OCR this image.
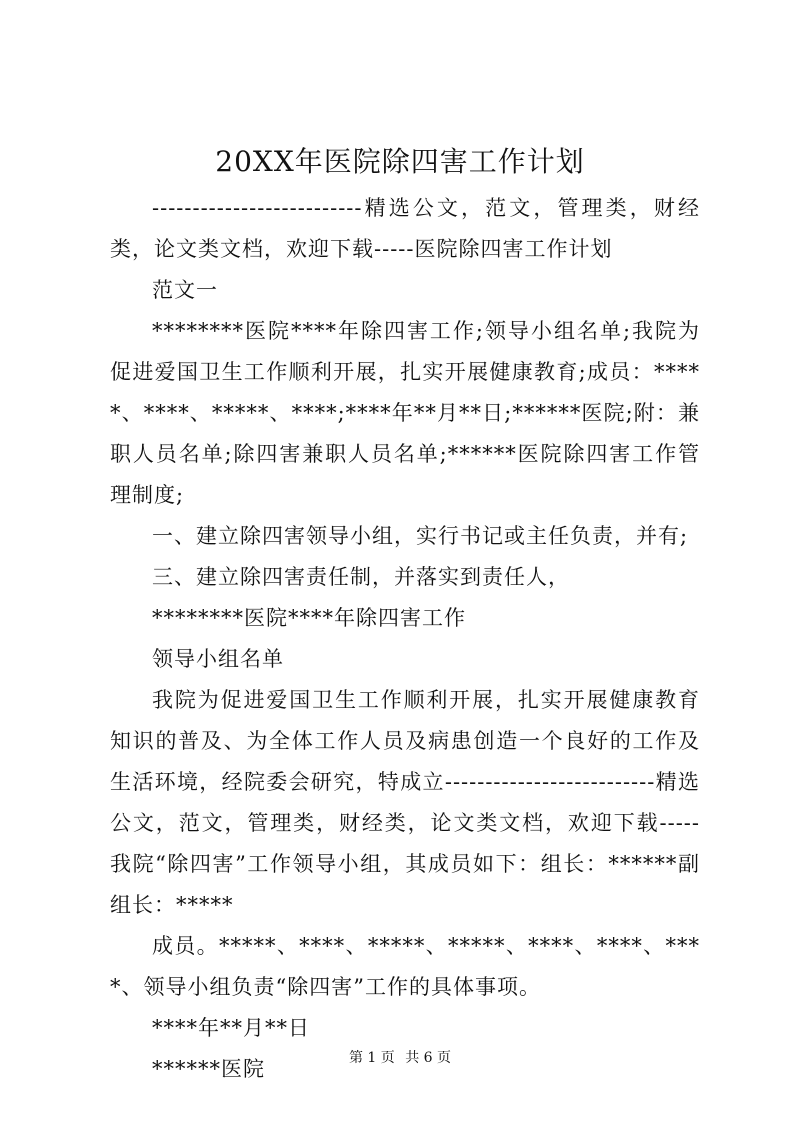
20XX年医院除四害工作计划

--------------------------精选公文，范文，管理类，财经类，论文类文档，欢迎下载-----医院除四害工作计划

范文一

********医院****年除四害工作;领导小组名单;我院为促进爱国卫生工作顺利开展，扎实开展健康教育;成员：*****、****、*****、****;****年**月**日;******医院;附：兼职人员名单;除四害兼职人员名单;******医院除四害工作管理制度;

一、建立除四害领导小组，实行书记或主任负责，并有;

三、建立除四害责任制，并落实到责任人，

********医院****年除四害工作

领导小组名单

我院为促进爱国卫生工作顺利开展，扎实开展健康教育知识的普及、为全体工作人员及病患创造一个良好的工作及生活环境，经院委会研究，特成立--------------------------精选公文，范文，管理类，财经类，论文类文档，欢迎下载-----我院“除四害”工作领导小组，其成员如下：组长：******副组长：*****

成员。*****、****、*****、*****、****、****、****、领导小组负责“除四害”工作的具体事项。

****年**月**日

******医院	第 1 页 共 6 页
